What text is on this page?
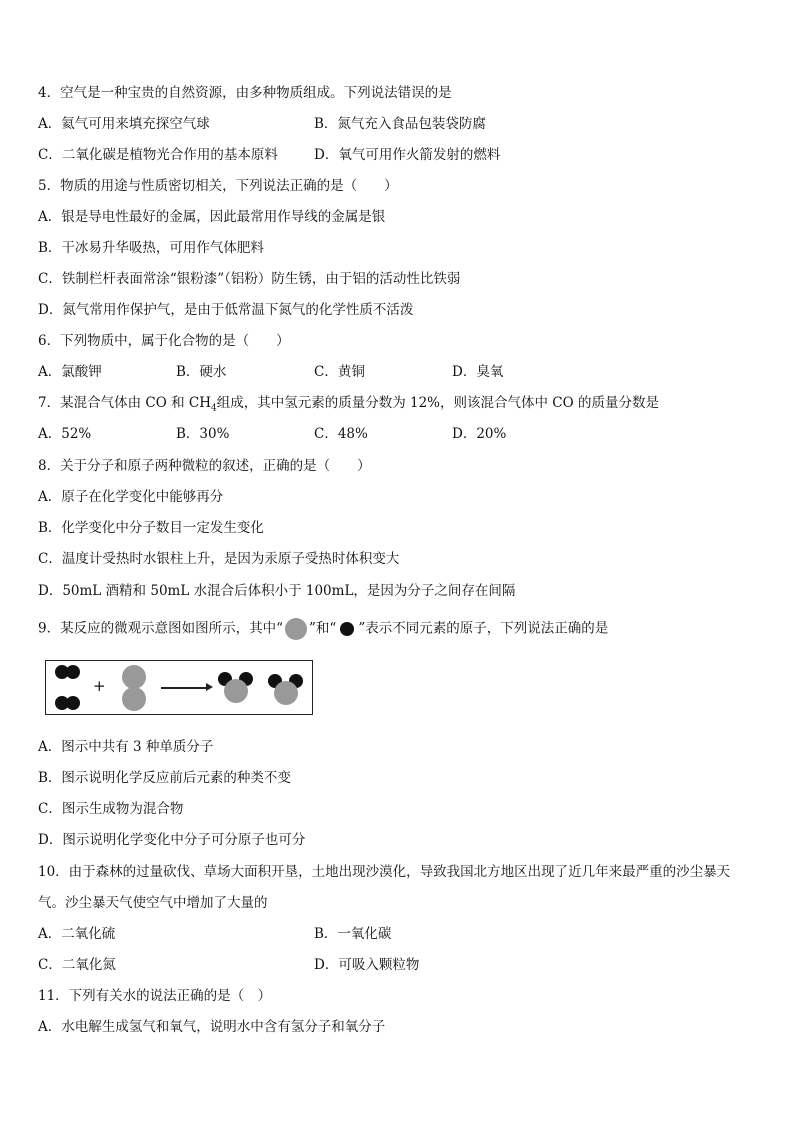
4．空气是一种宝贵的自然资源，由多种物质组成。下列说法错误的是
A．氦气可用来填充探空气球	B．氮气充入食品包装袋防腐
C．二氧化碳是植物光合作用的基本原料	D．氧气可用作火箭发射的燃料
5．物质的用途与性质密切相关，下列说法正确的是（　　）
A．银是导电性最好的金属，因此最常用作导线的金属是银
B．干冰易升华吸热，可用作气体肥料
C．铁制栏杆表面常涂“银粉漆”（铝粉）防生锈，由于铝的活动性比铁弱
D．氮气常用作保护气，是由于低常温下氮气的化学性质不活泼
6．下列物质中，属于化合物的是（　　）
A．氯酸钾	B．硬水	C．黄铜	D．臭氧
7．某混合气体由 CO 和 $CH_4$组成，其中氢元素的质量分数为 12%，则该混合气体中 CO 的质量分数是
A．52%	B．30%	C．48%	D．20%
8．关于分子和原子两种微粒的叙述，正确的是（　　）
A．原子在化学变化中能够再分
B．化学变化中分子数目一定发生变化
C．温度计受热时水银柱上升，是因为汞原子受热时体积变大
D．50mL 酒精和 50mL 水混合后体积小于 100mL，是因为分子之间存在间隔
9．某反应的微观示意图如图所示，其中“ ”和“ ”表示不同元素的原子，下列说法正确的是
+
A．图示中共有 3 种单质分子
B．图示说明化学反应前后元素的种类不变
C．图示生成物为混合物
D．图示说明化学变化中分子可分原子也可分
10．由于森林的过量砍伐、草场大面积开垦，土地出现沙漠化，导致我国北方地区出现了近几年来最严重的沙尘暴天
气。沙尘暴天气使空气中增加了大量的
A．二氧化硫	B．一氧化碳
C．二氧化氮	D．可吸入颗粒物
11．下列有关水的说法正确的是（　）
A．水电解生成氢气和氧气，说明水中含有氢分子和氧分子
